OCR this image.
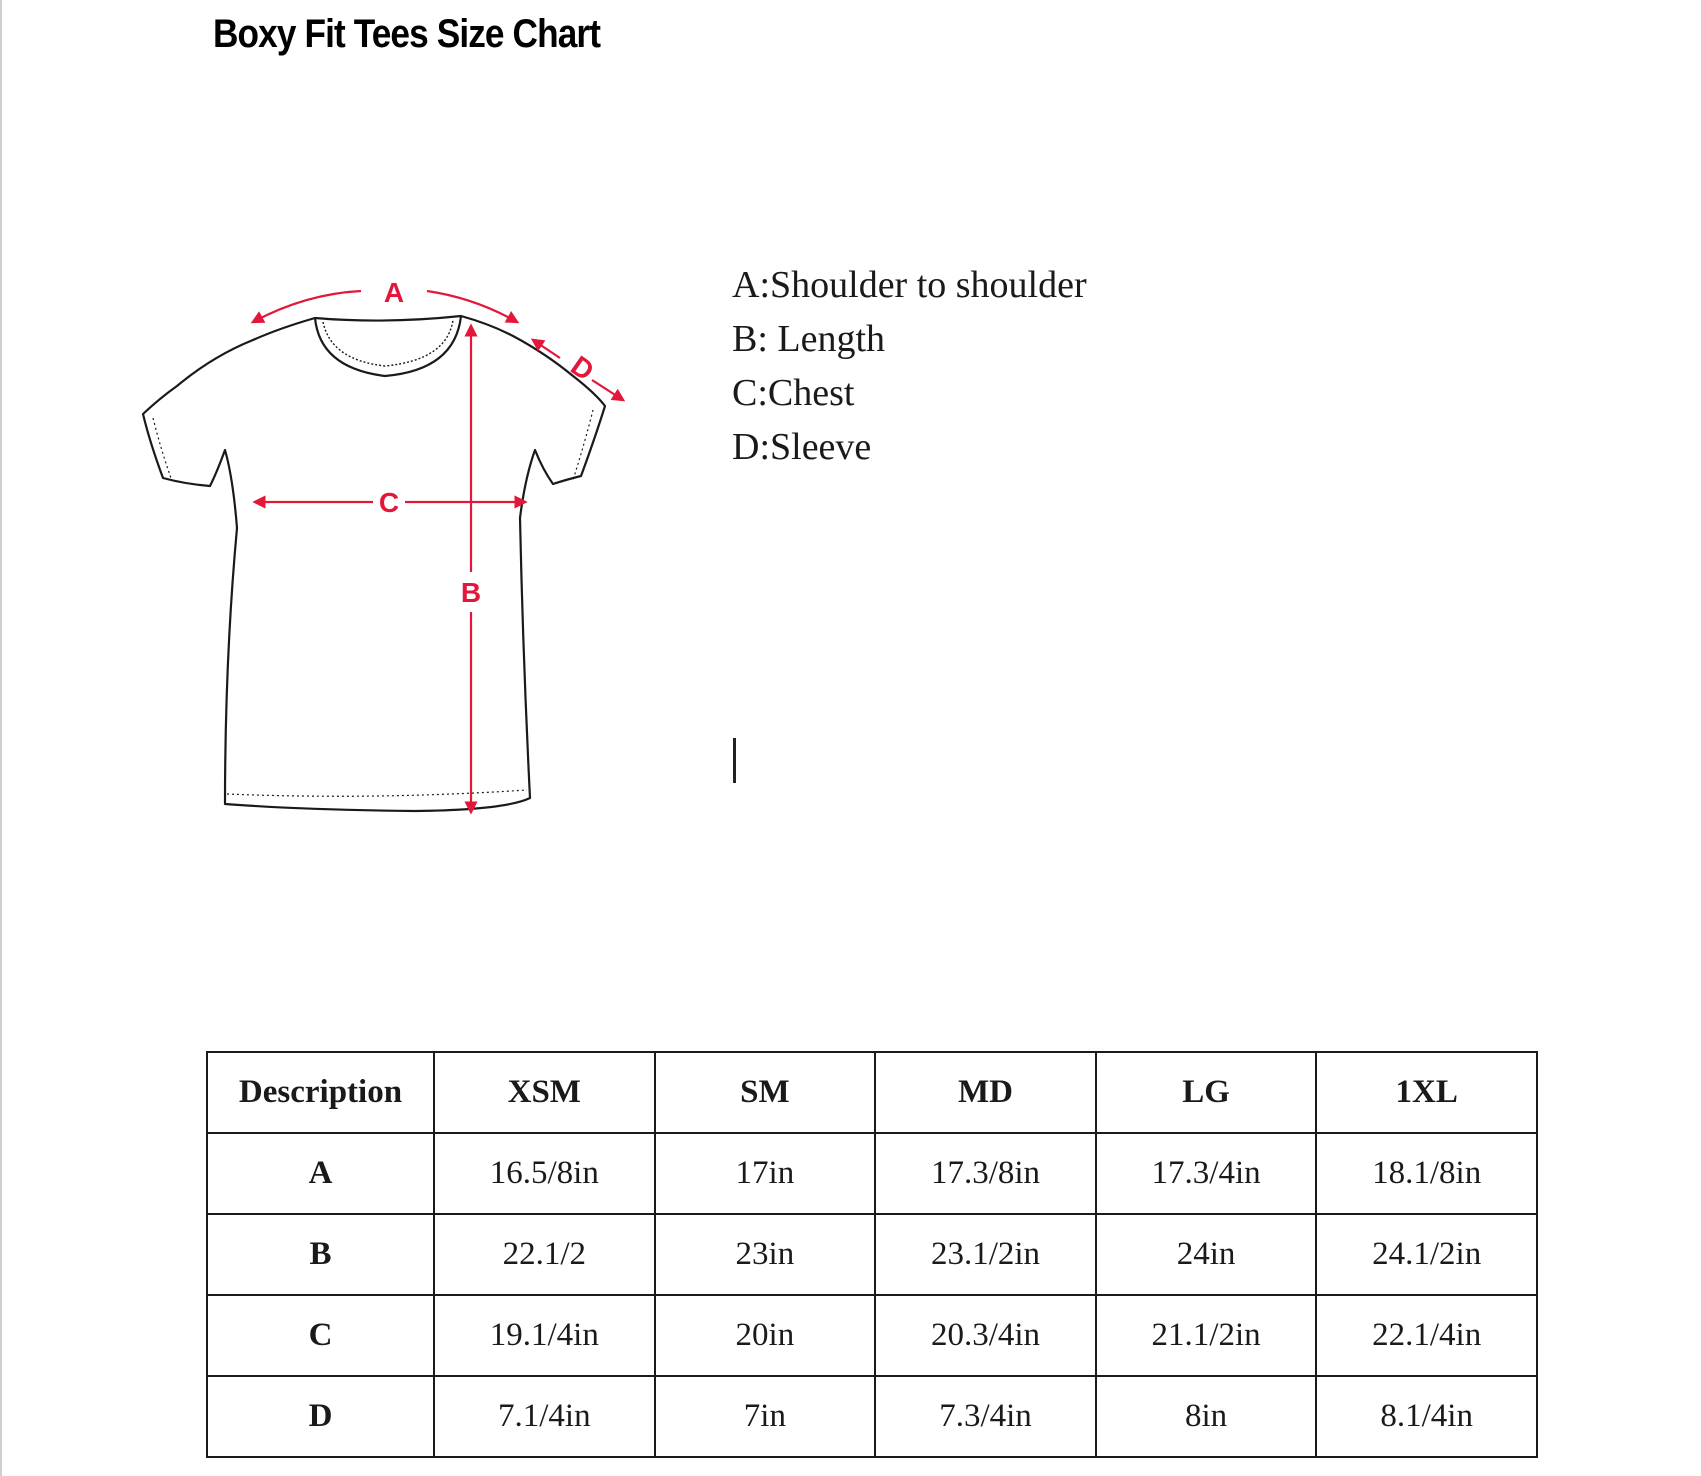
Boxy Fit Tees Size Chart
A
D
C
B
A:Shoulder to shoulder
B: Length
C:Chest
D:Sleeve
Description	XSM	SM	MD	LG	1XL
A	16.5/8in	17in	17.3/8in	17.3/4in	18.1/8in
B	22.1/2	23in	23.1/2in	24in	24.1/2in
C	19.1/4in	20in	20.3/4in	21.1/2in	22.1/4in
D	7.1/4in	7in	7.3/4in	8in	8.1/4in
